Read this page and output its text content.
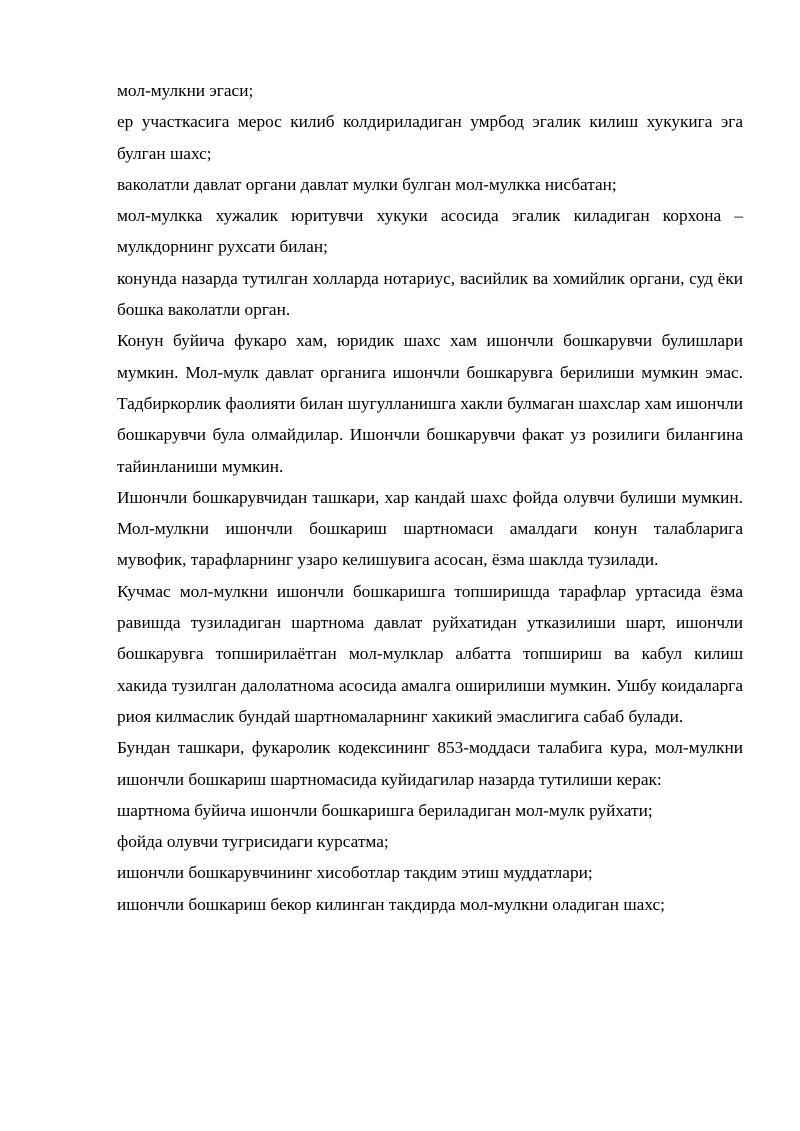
мол-мулкни эгаси;

ер участкасига мерос килиб колдириладиган умрбод эгалик килиш хукукига эга булган шахс;

ваколатли давлат органи давлат мулки булган мол-мулкка нисбатан;

мол-мулкка хужалик юритувчи хукуки асосида эгалик киладиган корхона – мулкдорнинг рухсати билан;

конунда назарда тутилган холларда нотариус, васийлик ва хомийлик органи, суд ёки бошка ваколатли орган.

Конун буйича фукаро хам, юридик шахс хам ишончли бошкарувчи булишлари мумкин. Мол-мулк давлат органига ишончли бошкарувга берилиши мумкин эмас. Тадбиркорлик фаолияти билан шугулланишга хакли булмаган шахслар хам ишончли бошкарувчи була олмайдилар. Ишончли бошкарувчи факат уз розилиги билангина тайинланиши мумкин.

Ишончли бошкарувчидан ташкари, хар кандай шахс фойда олувчи булиши мумкин. Мол-мулкни ишончли бошкариш шартномаси амалдаги конун талабларига мувофик, тарафларнинг узаро келишувига асосан, ёзма шаклда тузилади.

Кучмас мол-мулкни ишончли бошкаришга топширишда тарафлар уртасида ёзма равишда тузиладиган шартнома давлат руйхатидан утказилиши шарт, ишончли бошкарувга топширилаётган мол-мулклар албатта топшириш ва кабул килиш хакида тузилган далолатнома асосида амалга оширилиши мумкин. Ушбу коидаларга риоя килмаслик бундай шартномаларнинг хакикий эмаслигига сабаб булади.

Бундан ташкари, фукаролик кодексининг 853-моддаси талабига кура, мол-мулкни ишончли бошкариш шартномасида куйидагилар назарда тутилиши керак:

шартнома буйича ишончли бошкаришга бериладиган мол-мулк руйхати;

фойда олувчи тугрисидаги курсатма;

ишончли бошкарувчининг хисоботлар такдим этиш муддатлари;

ишончли бошкариш бекор килинган такдирда мол-мулкни оладиган шахс;
